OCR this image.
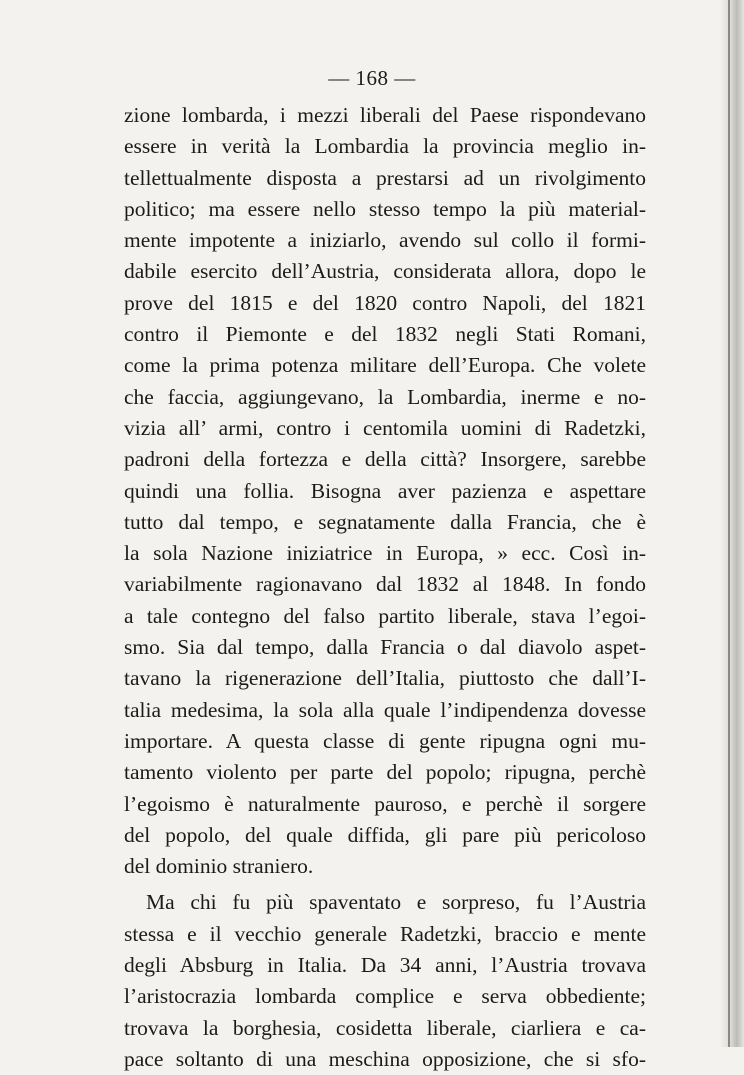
— 168 —
zione lombarda, i mezzi liberali del Paese rispondevano
essere in verità la Lombardia la provincia meglio in-
tellettualmente disposta a prestarsi ad un rivolgimento
politico; ma essere nello stesso tempo la più material-
mente impotente a iniziarlo, avendo sul collo il formi-
dabile esercito dell’Austria, considerata allora, dopo le
prove del 1815 e del 1820 contro Napoli, del 1821
contro il Piemonte e del 1832 negli Stati Romani,
come la prima potenza militare dell’Europa. Che volete
che faccia, aggiungevano, la Lombardia, inerme e no-
vizia all’ armi, contro i centomila uomini di Radetzki,
padroni della fortezza e della città? Insorgere, sarebbe
quindi una follia. Bisogna aver pazienza e aspettare
tutto dal tempo, e segnatamente dalla Francia, che è
la sola Nazione iniziatrice in Europa, » ecc. Così in-
variabilmente ragionavano dal 1832 al 1848. In fondo
a tale contegno del falso partito liberale, stava l’egoi-
smo. Sia dal tempo, dalla Francia o dal diavolo aspet-
tavano la rigenerazione dell’Italia, piuttosto che dall’I-
talia medesima, la sola alla quale l’indipendenza dovesse
importare. A questa classe di gente ripugna ogni mu-
tamento violento per parte del popolo; ripugna, perchè
l’egoismo è naturalmente pauroso, e perchè il sorgere
del popolo, del quale diffida, gli pare più pericoloso
del dominio straniero.
Ma chi fu più spaventato e sorpreso, fu l’Austria
stessa e il vecchio generale Radetzki, braccio e mente
degli Absburg in Italia. Da 34 anni, l’Austria trovava
l’aristocrazia lombarda complice e serva obbediente;
trovava la borghesia, cosidetta liberale, ciarliera e ca-
pace soltanto di una meschina opposizione, che si sfo-
